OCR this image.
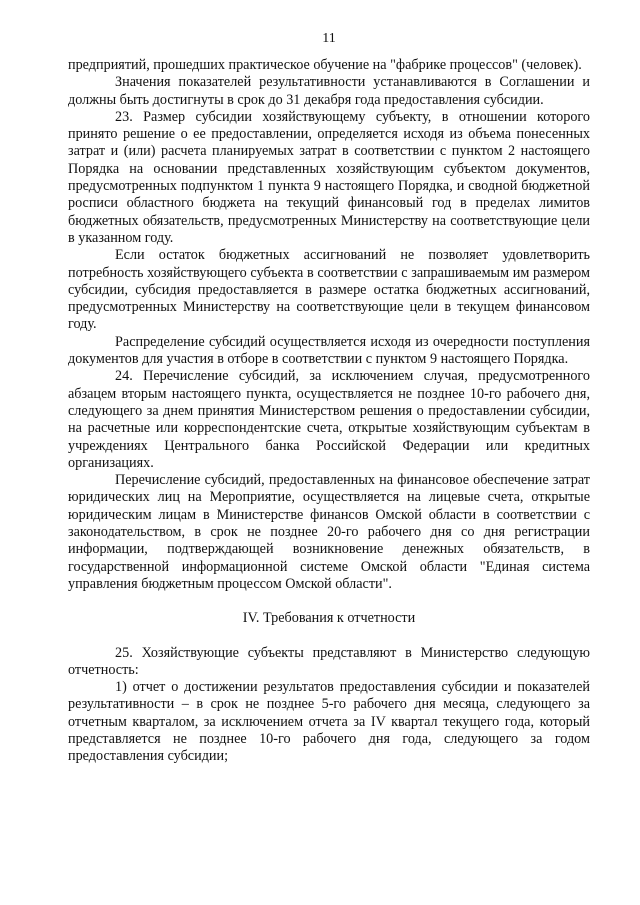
11

предприятий, прошедших практическое обучение на "фабрике процессов" (человек).

Значения показателей результативности устанавливаются в Соглашении и должны быть достигнуты в срок до 31 декабря года предоставления субсидии.

23. Размер субсидии хозяйствующему субъекту, в отношении которого принято решение о ее предоставлении, определяется исходя из объема понесенных затрат и (или) расчета планируемых затрат в соответствии с пунктом 2 настоящего Порядка на основании представленных хозяйствующим субъектом документов, предусмотренных подпунктом 1 пункта 9 настоящего Порядка, и сводной бюджетной росписи областного бюджета на текущий финансовый год в пределах лимитов бюджетных обязательств, предусмотренных Министерству на соответствующие цели в указанном году.

Если остаток бюджетных ассигнований не позволяет удовлетворить потребность хозяйствующего субъекта в соответствии с запрашиваемым им размером субсидии, субсидия предоставляется в размере остатка бюджетных ассигнований, предусмотренных Министерству на соответствующие цели в текущем финансовом году.

Распределение субсидий осуществляется исходя из очередности поступления документов для участия в отборе в соответствии с пунктом 9 настоящего Порядка.

24. Перечисление субсидий, за исключением случая, предусмотренного абзацем вторым настоящего пункта, осуществляется не позднее 10-го рабочего дня, следующего за днем принятия Министерством решения о предоставлении субсидии, на расчетные или корреспондентские счета, открытые хозяйствующим субъектам в учреждениях Центрального банка Российской Федерации или кредитных организациях.

Перечисление субсидий, предоставленных на финансовое обеспечение затрат юридических лиц на Мероприятие, осуществляется на лицевые счета, открытые юридическим лицам в Министерстве финансов Омской области в соответствии с законодательством, в срок не позднее 20-го рабочего дня со дня регистрации информации, подтверждающей возникновение денежных обязательств, в государственной информационной системе Омской области "Единая система управления бюджетным процессом Омской области".

IV. Требования к отчетности

25. Хозяйствующие субъекты представляют в Министерство следующую отчетность:

1) отчет о достижении результатов предоставления субсидии и показателей результативности – в срок не позднее 5-го рабочего дня месяца, следующего за отчетным кварталом, за исключением отчета за IV квартал текущего года, который представляется не позднее 10-го рабочего дня года, следующего за годом предоставления субсидии;
